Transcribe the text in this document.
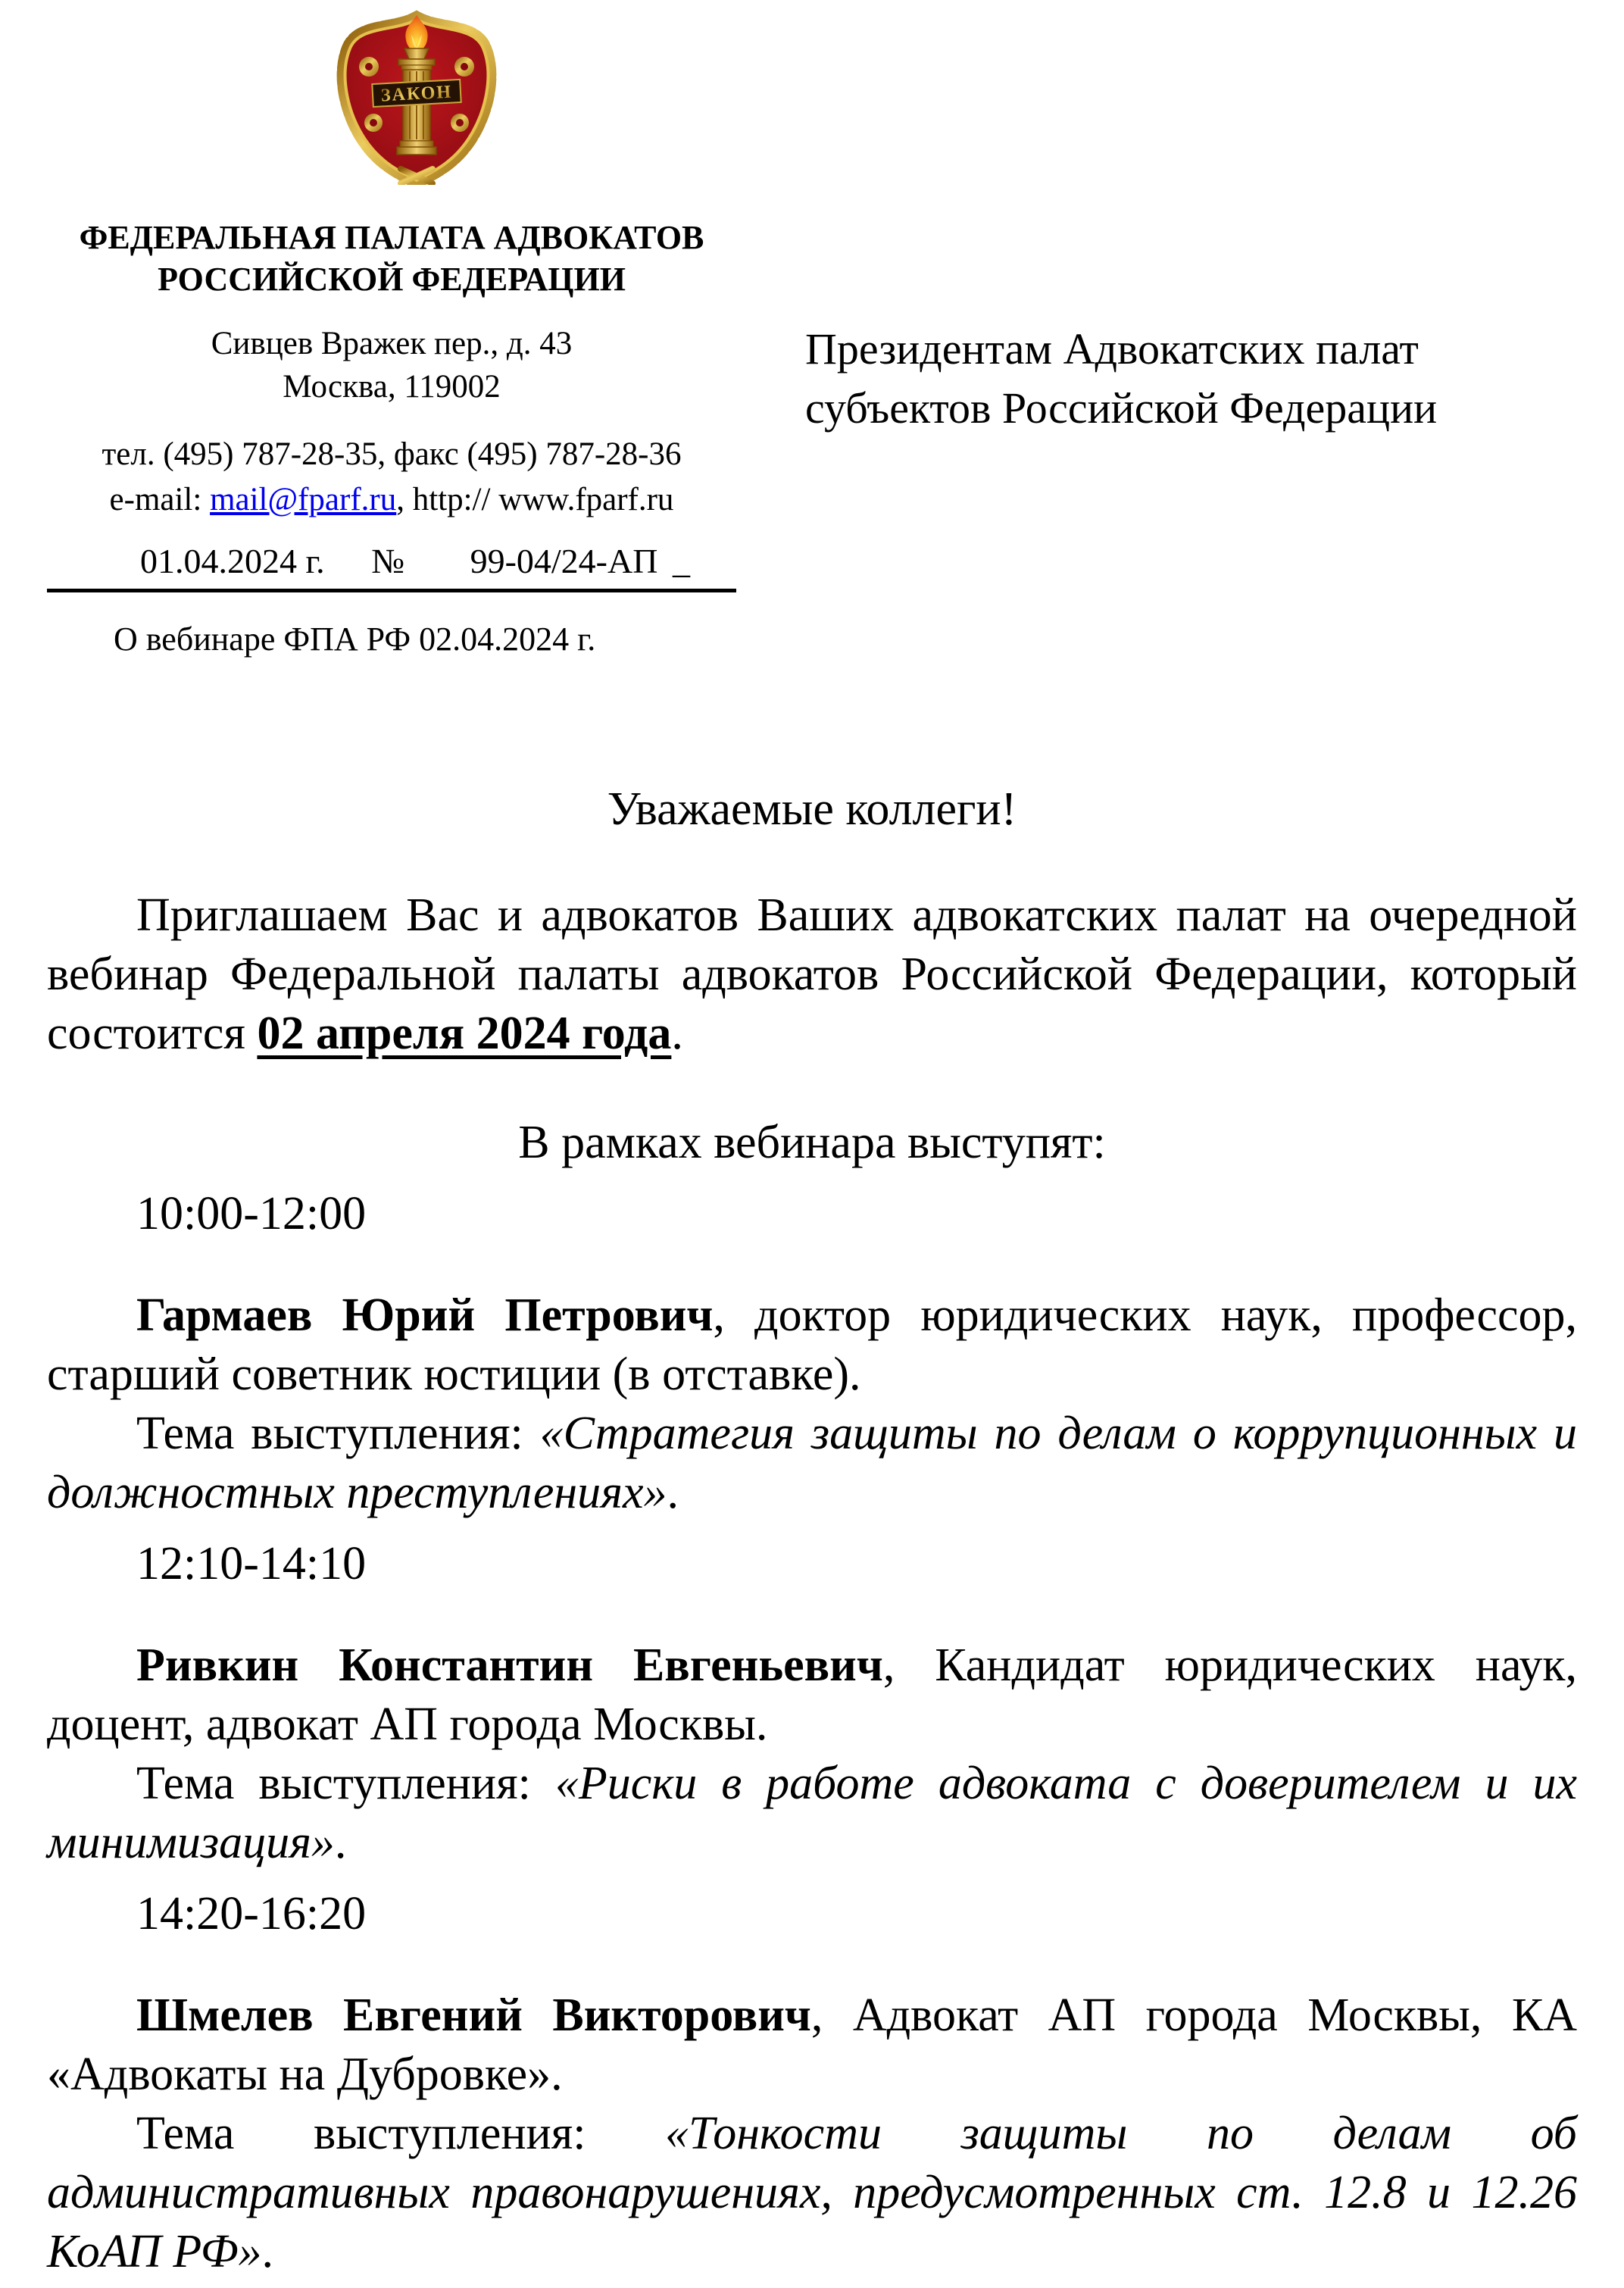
ЗАКОН
ФЕДЕРАЛЬНАЯ ПАЛАТА АДВОКАТОВ
РОССИЙСКОЙ ФЕДЕРАЦИИ
Сивцев Вражек пер., д. 43
Москва, 119002
тел. (495) 787-28-35, факс (495) 787-28-36
e-mail: mail@fparf.ru, http:// www.fparf.ru
01.04.2024 г. № 99-04/24-АП _
О вебинаре ФПА РФ 02.04.2024 г.
Президентам Адвокатских палат
субъектов Российской Федерации
Уважаемые коллеги!

Приглашаем Вас и адвокатов Ваших адвокатских палат на очередной вебинар Федеральной палаты адвокатов Российской Федерации, который состоится 02 апреля 2024 года.

В рамках вебинара выступят:
10:00-12:00

Гармаев Юрий Петрович, доктор юридических наук, профессор, старший советник юстиции (в отставке).

Тема выступления: «Стратегия защиты по делам о коррупционных и должностных преступлениях».

12:10-14:10

Ривкин Константин Евгеньевич, Кандидат юридических наук, доцент, адвокат АП города Москвы.

Тема выступления: «Риски в работе адвоката с доверителем и их минимизация».

14:20-16:20

Шмелев Евгений Викторович, Адвокат АП города Москвы, КА «Адвокаты на Дубровке».

Тема выступления: «Тонкости защиты по делам об административных правонарушениях, предусмотренных ст. 12.8 и 12.26 КоАП РФ».
